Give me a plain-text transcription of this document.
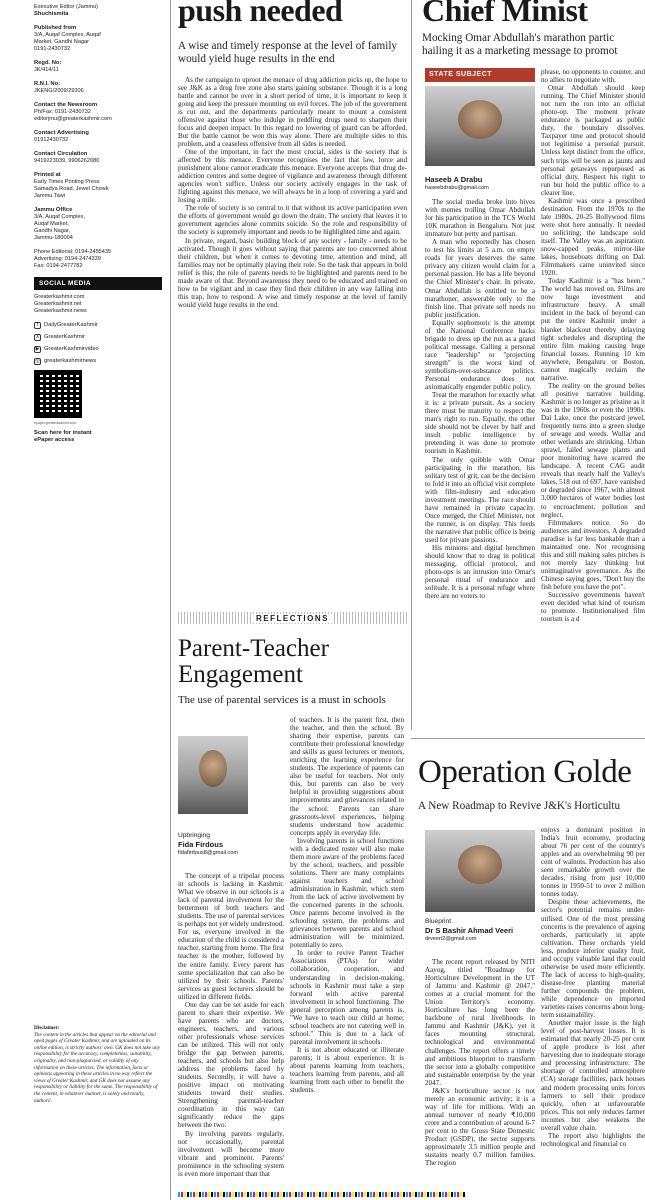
Executive Editor (Jammu)
Shuchismita
Published from
3/A, Auqaf Complex, Auqaf
Market, Gandhi Nagar
0191-2430732
Regd. No:
JK/414/11
R.N.I. No:
JKENG/2009/29306
Contact the Newsroom
Ph/Fax: 0191-2430732
editorjmu@greaterkashmir.com
Contact Advertising
01912430732
Contact Circulation
9419223039, 9906262080
Printed at
Early Times Printing Press
Samadya Road, Jewel Chowk
Jammu Tawi
Jammu Office
3/A, Auqaf Complex,
Auqaf Market,
Gandhi Nagar,
Jammu-180004
Phone Editorial: 0194-2455435
Advertising: 0194-2474339
Fax: 0194-2477782
SOCIAL MEDIA
Greaterkashmir.com
Greaterkashmir.net
Greaterkashmir.news
f	DailyGreaterKashmir
X GreaterKashmir
▶ GreaterKashmirvideo
◎ greaterkashmirnews
epaper.greaterkashmir.com
Scan here for instant
ePaper access
Disclaimer:
The content in the articles that appear on the editorial and oped pages of Greater Kashmir, and are uploaded on its online edition, is strictly authors' own. GK does not take any responsibility for the accuracy, completeness, suitability, originality, and non-plagiarised, or validity of any information on these articles. The information, facts or opinions appearing in these articles in no way reflect the views of Greater Kashmir, and GK does not assume any responsibility or liability for the same. The responsibility of the content, in whatever manner, is solely and totally, authors'.
push needed
A wise and timely response at the level of family would yield huge results in the end

As the campaign to uproot the menace of drug addiction picks up, the hope to see J&K as a drug free zone also starts gaining substance. Though it is a long battle and cannot be over in a short period of time, it is important to keep it going and keep the pressure mounting on evil forces. The job of the government is cut out, and the departments particularly meant to mount a consistent offensive against those who indulge in peddling drugs need to sharpen their focus and deepen impact. In this regard no lowering of guard can be afforded. But the battle cannot be won this way alone. There are multiple sides to this problem, and a ceaseless offensive from all sides is needed.

One of the important, in fact the most crucial, sides is the society that is affected by this menace. Everyone recognises the fact that law, force and punishment alone cannot eradicate this menace. Everyone accepts that drug de-addiction centres and some degree of vigilance and awareness through different agencies won't suffice. Unless our society actively engages in the task of fighting against this menace, we will always be in a loop of covering a yard and losing a mile.

The role of society is so central to it that without its active participation even the efforts of government would go down the drain. The society that leaves it to government agencies alone commits suicide. So the role and responsibility of the society is supremely important and needs to be highlighted time and again.

In private, regard, basic building block of any society - family - needs to be activated. Though it goes without saying that parents are too concerned about their children, but when it comes to devoting time, attention and mind, all families may not be optimally playing their role. So the task that appears in bold relief is this; the role of parents needs to be highlighted and parents need to be made aware of that. Beyond awareness they need to be educated and trained on how to be vigilant and in case they find their children in any way falling into this trap, how to respond. A wise and timely response at the level of family would yield huge results in the end.

REFLECTIONS
Parent-Teacher
Engagement
The use of parental services is a must in schools
Upbringing
Fida Firdous
fidafirdous8@gmail.com

The concept of a tripolar process in schools is lacking in Kashmir. What we observe in our schools is a lack of parental involvement for the betterment of both teachers and students. The use of parental services is perhaps not yet widely understood. For us, everyone involved in the education of the child is considered a teacher, starting from home. The first teacher is the mother, followed by the entire family. Every parent has some specialization that can also be utilized by their schools. Parents' services as guest lecturers should be utilized in different fields.

One day can be set aside for each parent to share their expertise. We have parents who are doctors, engineers, teachers, and various other professionals whose services can be utilized. This will not only bridge the gap between parents, teachers, and schools but also help address the problems faced by students. Secondly, it will have a positive impact on motivating students toward their studies. Strengthening parental-teacher coordination in this way can significantly reduce the gaps between the two.

By involving parents regularly, not occasionally, parental involvement will become more vibrant and prominent. Parents' prominence in the schooling system is even more important than that

of teachers. It is the parent first, then the teacher, and then the school. By sharing their expertise, parents can contribute their professional knowledge and skills as guest lecturers or mentors, enriching the learning experience for students. The experience of parents can also be useful for teachers. Not only this, but parents can also be very helpful in providing suggestions about improvements and grievances related to the school. Parents can share grassroots-level experiences, helping students understand how academic concepts apply in everyday life.

Involving parents in school functions with a dedicated roster will also make them more aware of the problems faced by the school, teachers, and possible solutions. There are many complaints against teachers and school administration in Kashmir, which stem from the lack of active involvement by the concerned parents in the schools. Once parents become involved in the schooling system, the problems and grievances between parents and school administration will be minimized, potentially to zero.

In order to revive Parent Teacher Associations (PTAs) for wider collaboration, cooperation, and understanding in decision-making, schools in Kashmir must take a step forward with active parental involvement in school functioning. The general perception among parents is, "We have to teach our child at home; school teachers are not catering well in school." This is due to a lack of parental involvement in schools.

It is not about educated or illiterate parents; it is about experience. It is about parents learning from teachers, teachers learning from parents, and all learning from each other to benefit the students.

Chief Minist
Mocking Omar Abdullah's marathon partic
hailing it as a marketing message to promot
STATE SUBJECT
Haseeb A Drabu
haseebdrabu@gmail.com

The social media broke into hives with memes trolling Omar Abdullah for his participation in the TCS World 10K marathon in Bengaluru. Not just immature but petty and partisan.

A man who reportedly has chosen to test his limits at 5 a.m. on empty roads for years deserves the same privacy any citizen would claim for a personal passion. He has a life beyond the Chief Minister's chair. In private, Omar Abdullah is entitled to be a marathoner, answerable only to the finish line. That private self needs no public justification.

Equally sophomoric is the attempt of the National Conference hacks brigade to dress up the run as a grand political message. Calling a personal race "leadership" or "projecting strength" is the worst kind of symbolism-over-substance politics. Personal endurance does not axiomatically engender public policy.

Treat the marathon for exactly what it is: a private pursuit. As a society there must be maturity to respect the man's right to run. Equally, the other side should not be clever by half and insult public intelligence by pretending it was done to promote tourism in Kashmir.

The only quibble with Omar participating in the marathon, his solitary test of grit, can be the decision to fold it into an official visit complete with film-industry and education investment meetings. The race should have remained in private capacity. Once merged, the Chief Minister, not the runner, is on display. This feeds the narrative that public office is being used for private passions.

His minions and digital henchmen should know that to drag in political messaging, official protocol, and photo-ops is an intrusion into Omar's personal ritual of endurance and solitude. It is a personal refuge where there are no voters to

please, no opponents to counter, and no allies to negotiate with.

Omar Abdullah should keep running. The Chief Minister should not turn the run into an official photo-op. The moment private endurance is packaged as public duty, the boundary dissolves. Taxpayer time and protocol should not legitimise a personal pursuit. Unless kept distinct from the office, such trips will be seen as jaunts and personal getaways repurposed as official duty. Respect his right to run but hold the public office to a clearer line.

Kashmir was once a prescribed destination. From the 1970s to the late 1980s, 20-25 Bollywood films were shot here annually. It needed no soliciting; the landscape sold itself. The Valley was an aspiration: snow-capped peaks, mirror-like lakes, houseboats drifting on Dal. Filmmakers came uninvited since 1920.

Today Kashmir is a "has been." The world has moved on. Films are now huge investment and infrastructure heavy. A small incident in the back of beyond can put the entire Kashmir under a blanket blackout thereby delaying tight schedules and disrupting the entire film making causing huge financial losses. Running 10 km anywhere, Bengaluru or Boston, cannot magically reclaim the narrative.

The reality on the ground belies all positive narrative building. Kashmir is no longer as pristine as it was in the 1960s or even the 1990s. Dal Lake, once the postcard jewel, frequently turns into a green sludge of sewage and weeds. Wullar and other wetlands are shrinking. Urban sprawl, failed sewage plants and poor monitoring have scarred the landscape. A recent CAG audit reveals that nearly half the Valley's lakes, 518 out of 697, have vanished or degraded since 1967, with almost 3,000 hectares of water bodies lost to encroachment, pollution and neglect.

Filmmakers notice. So do audiences and investors. A degraded paradise is far less bankable than a maintained one. Not recognising this and still making sales pitches is not merely lazy thinking but unimaginative governance. As the Chinese saying goes, "Don't buy the fish before you have the pot".

Successive governments haven't even decided what kind of tourism to promote. Institutionalised film tourism is a d

Operation Golde
A New Roadmap to Revive J&K's Horticultu
Blueprint
Dr S Bashir Ahmad Veeri
drveeri2@gmail.com

The recent report released by NITI Aayog, titled "Roadmap for Horticulture Development in the UT of Jammu and Kashmir @ 2047," comes at a crucial moment for the Union Territory's economy. Horticulture has long been the backbone of rural livelihoods in Jammu and Kashmir (J&K), yet it faces mounting structural, technological and environmental challenges. The report offers a timely and ambitious blueprint to transform the sector into a globally competitive and sustainable enterprise by the year 2047.

J&K's horticulture sector is not merely an economic activity; it is a way of life for millions. With an annual turnover of nearly ₹10,000 crore and a contribution of around 6-7 per cent to the Gross State Domestic Product (GSDP), the sector supports approximately 3.5 million people and sustains nearly 0.7 million families. The region

enjoys a dominant position in India's fruit economy, producing about 76 per cent of the country's apples and an overwhelming 90 per cent of walnuts. Production has also seen remarkable growth over the decades, rising from just 10,000 tonnes in 1950-51 to over 2 million tonnes today.

Despite these achievements, the sector's potential remains under-utilised. One of the most pressing concerns is the prevalence of ageing orchards, particularly in apple cultivation. These orchards yield less, produce inferior quality fruit, and occupy valuable land that could otherwise be used more efficiently. The lack of access to high-quality, disease-free planting material further compounds the problem, while dependence on imported varieties raises concerns about long-term sustainability.

Another major issue is the high level of post-harvest losses. It is estimated that nearly 20-25 per cent of apple produce is lost after harvesting due to inadequate storage and processing infrastructure. The shortage of controlled atmosphere (CA) storage facilities, pack houses and modern processing units forces farmers to sell their produce quickly, often at unfavourable prices. This not only reduces farmer incomes but also weakens the overall value chain.

The report also highlights the technological and financial co
